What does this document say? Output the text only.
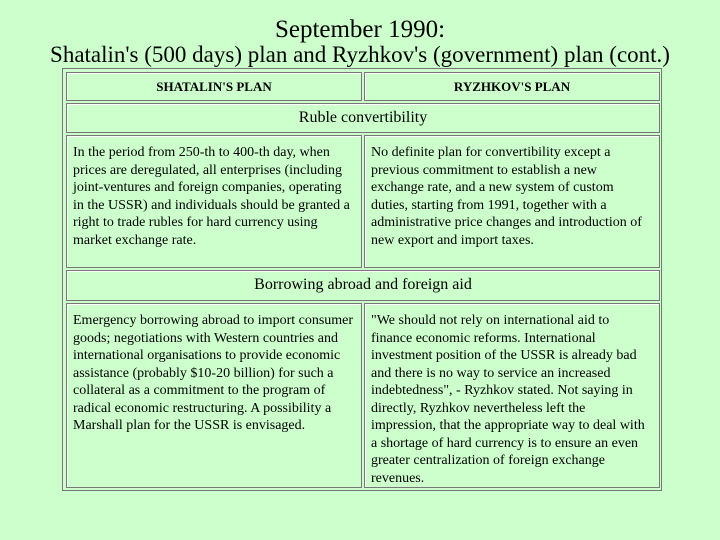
September 1990:
Shatalin's (500 days) plan and Ryzhkov's (government) plan (cont.)
SHATALIN'S PLAN	RYZHKOV'S PLAN
Ruble convertibility
In the period from 250-th to 400-th day, when prices are deregulated, all enterprises (including joint-ventures and foreign companies, operating in the USSR) and individuals should be granted a right to trade rubles for hard currency using market exchange rate.
No definite plan for convertibility except a previous commitment to establish a new exchange rate, and a new system of custom duties, starting from 1991, together with a administrative price changes and introduction of new export and import taxes.
Borrowing abroad and foreign aid
Emergency borrowing abroad to import consumer goods; negotiations with Western countries and international organisations to provide economic assistance (probably $10-20 billion) for such a collateral as a commitment to the program of radical economic restructuring. A possibility a Marshall plan for the USSR is envisaged.
"We should not rely on international aid to finance economic reforms. International investment position of the USSR is already bad and there is no way to service an increased indebtedness", - Ryzhkov stated. Not saying in directly, Ryzhkov nevertheless left the impression, that the appropriate way to deal with a shortage of hard currency is to ensure an even greater centralization of foreign exchange revenues.
